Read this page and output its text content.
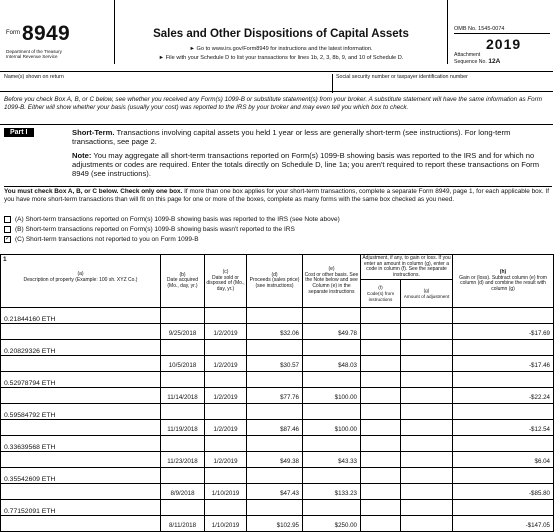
Form 8949
Department of the Treasury
Internal Revenue Service
Sales and Other Dispositions of Capital Assets
► Go to www.irs.gov/Form8949 for instructions and the latest information.
► File with your Schedule D to list your transactions for lines 1b, 2, 3, 8b, 9, and 10 of Schedule D.
OMB No. 1545-0074
2019
Attachment
Sequence No. 12A
Name(s) shown on return	Social security number or taxpayer identification number
Before you check Box A, B, or C below, see whether you received any Form(s) 1099-B or substitute statement(s) from your broker. A substitute statement will have the same information as Form 1099-B. Either will show whether your basis (usually your cost) was reported to the IRS by your broker and may even tell you which box to check.
Part I	Short-Term. Transactions involving capital assets you held 1 year or less are generally short-term (see instructions). For long-term transactions, see page 2.
Note: You may aggregate all short-term transactions reported on Form(s) 1099-B showing basis was reported to the IRS and for which no adjustments or codes are required. Enter the totals directly on Schedule D, line 1a; you aren't required to report these transactions on Form 8949 (see instructions).
You must check Box A, B, or C below. Check only one box. If more than one box applies for your short-term transactions, complete a separate Form 8949, page 1, for each applicable box. If you have more short-term transactions than will fit on this page for one or more of the boxes, complete as many forms with the same box checked as you need.
(A) Short-term transactions reported on Form(s) 1099-B showing basis was reported to the IRS (see Note above)
(B) Short-term transactions reported on Form(s) 1099-B showing basis wasn't reported to the IRS
✓ (C) Short-term transactions not reported to you on Form 1099-B
1
(a)
Description of property (Example: 100 sh. XYZ Co.)	(b)
Date acquired (Mo., day, yr.)	(c)
Date sold or disposed of (Mo., day, yr.)	(d)
Proceeds (sales price) (see instructions)	(e)
Cost or other basis. See the Note below and see Column (e) in the separate instructions	Adjustment, if any, to gain or loss. If you enter an amount in column (g), enter a code in column (f). See the separate instructions.		(h)
Gain or (loss). Subtract column (e) from column (d) and combine the result with column (g)
					(f)
Code(s) from instructions	(g)
Amount of adjustment	
0.21844160 ETH							
	9/25/2018	1/2/2019	$32.06	$49.78			-$17.69
0.20829326 ETH							
	10/5/2018	1/2/2019	$30.57	$48.03			-$17.46
0.52978794 ETH							
	11/14/2018	1/2/2019	$77.76	$100.00			-$22.24
0.59584792 ETH							
	11/19/2018	1/2/2019	$87.46	$100.00			-$12.54
0.33639568 ETH							
	11/23/2018	1/2/2019	$49.38	$43.33			$6.04
0.35542609 ETH							
	8/9/2018	1/10/2019	$47.43	$133.23			-$85.80
0.77152091 ETH							
	8/11/2018	1/10/2019	$102.95	$250.00			-$147.05
